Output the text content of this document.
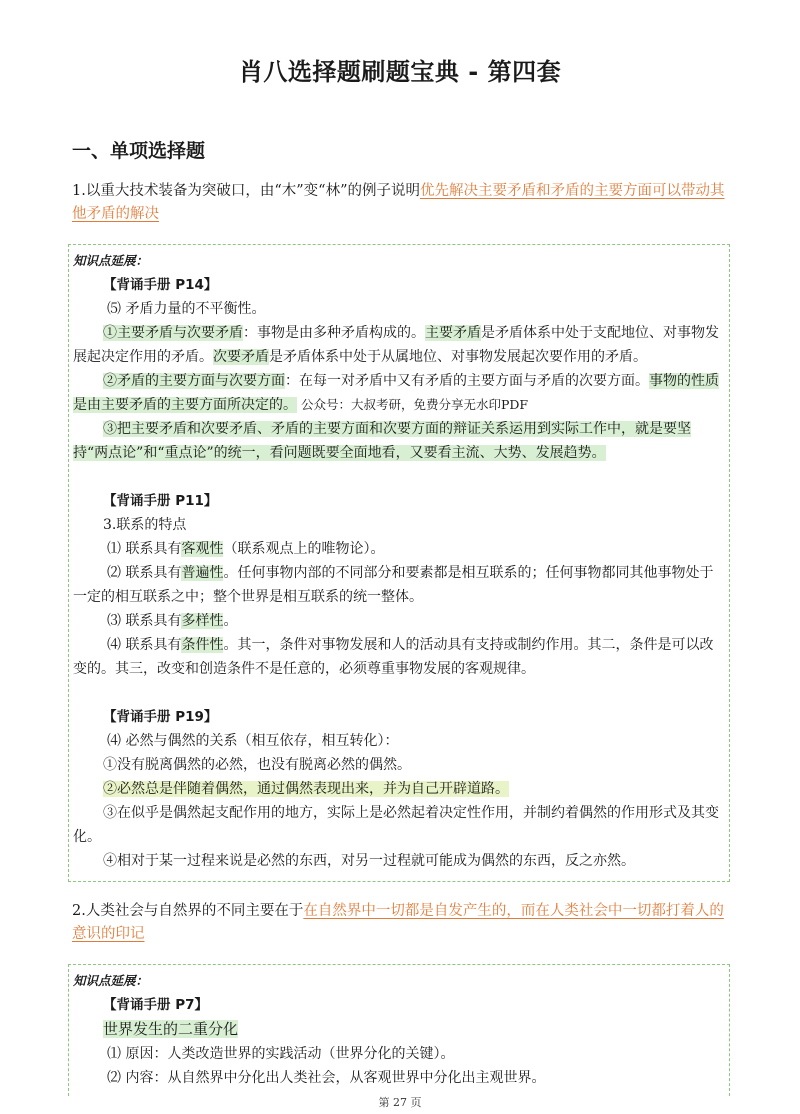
肖八选择题刷题宝典 - 第四套
一、单项选择题
1.以重大技术装备为突破口，由“木”变“林”的例子说明优先解决主要矛盾和矛盾的主要方面可以带动其他矛盾的解决
知识点延展：
【背诵手册 P14】
⑸ 矛盾力量的不平衡性。
①主要矛盾与次要矛盾：事物是由多种矛盾构成的。主要矛盾是矛盾体系中处于支配地位、对事物发展起决定作用的矛盾。次要矛盾是矛盾体系中处于从属地位、对事物发展起次要作用的矛盾。
②矛盾的主要方面与次要方面：在每一对矛盾中又有矛盾的主要方面与矛盾的次要方面。事物的性质是由主要矛盾的主要方面所决定的。 公众号：大叔考研，免费分享无水印PDF
③把主要矛盾和次要矛盾、矛盾的主要方面和次要方面的辩证关系运用到实际工作中，就是要坚持“两点论”和“重点论”的统一，看问题既要全面地看，又要看主流、大势、发展趋势。
【背诵手册 P11】
3.联系的特点
⑴ 联系具有客观性（联系观点上的唯物论）。
⑵ 联系具有普遍性。任何事物内部的不同部分和要素都是相互联系的；任何事物都同其他事物处于一定的相互联系之中；整个世界是相互联系的统一整体。
⑶ 联系具有多样性。
⑷ 联系具有条件性。其一，条件对事物发展和人的活动具有支持或制约作用。其二，条件是可以改变的。其三，改变和创造条件不是任意的，必须尊重事物发展的客观规律。
【背诵手册 P19】
⑷ 必然与偶然的关系（相互依存，相互转化）：
①没有脱离偶然的必然，也没有脱离必然的偶然。
②必然总是伴随着偶然，通过偶然表现出来，并为自己开辟道路。
③在似乎是偶然起支配作用的地方，实际上是必然起着决定性作用，并制约着偶然的作用形式及其变化。
④相对于某一过程来说是必然的东西，对另一过程就可能成为偶然的东西，反之亦然。
2.人类社会与自然界的不同主要在于在自然界中一切都是自发产生的，而在人类社会中一切都打着人的意识的印记
知识点延展：
【背诵手册 P7】
世界发生的二重分化
⑴ 原因：人类改造世界的实践活动（世界分化的关键）。
⑵ 内容：从自然界中分化出人类社会，从客观世界中分化出主观世界。
第 27 页
